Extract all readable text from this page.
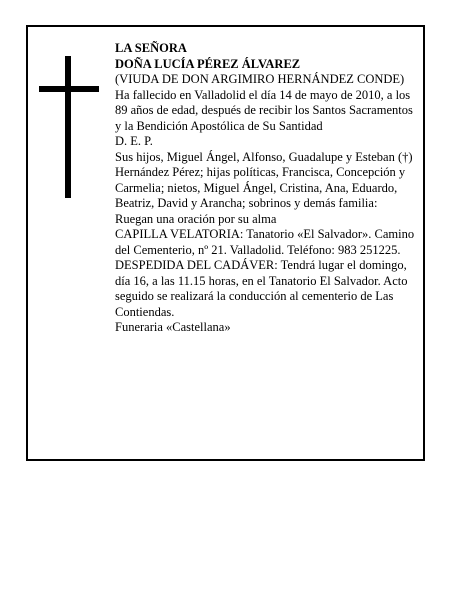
LA SEÑORA

DOÑA LUCÍA PÉREZ ÁLVAREZ

(VIUDA DE DON ARGIMIRO HERNÁNDEZ CONDE)

Ha fallecido en Valladolid el día 14 de mayo de 2010, a los 89 años de edad, después de recibir los Santos Sacramentos y la Bendición Apostólica de Su Santidad

D. E. P.

Sus hijos, Miguel Ángel, Alfonso, Guadalupe y Esteban (†) Hernández Pérez; hijas políticas, Francisca, Concepción y Carmelia; nietos, Miguel Ángel, Cristina, Ana, Eduardo, Beatriz, David y Arancha; sobrinos y demás familia:

Ruegan una oración por su alma

CAPILLA VELATORIA: Tanatorio «El Salvador». Camino del Cementerio, nº 21. Valladolid. Teléfono: 983 251225.

DESPEDIDA DEL CADÁVER: Tendrá lugar el domingo, día 16, a las 11.15 horas, en el Tanatorio El Salvador. Acto seguido se realizará la conducción al cementerio de Las Contiendas.

Funeraria «Castellana»
